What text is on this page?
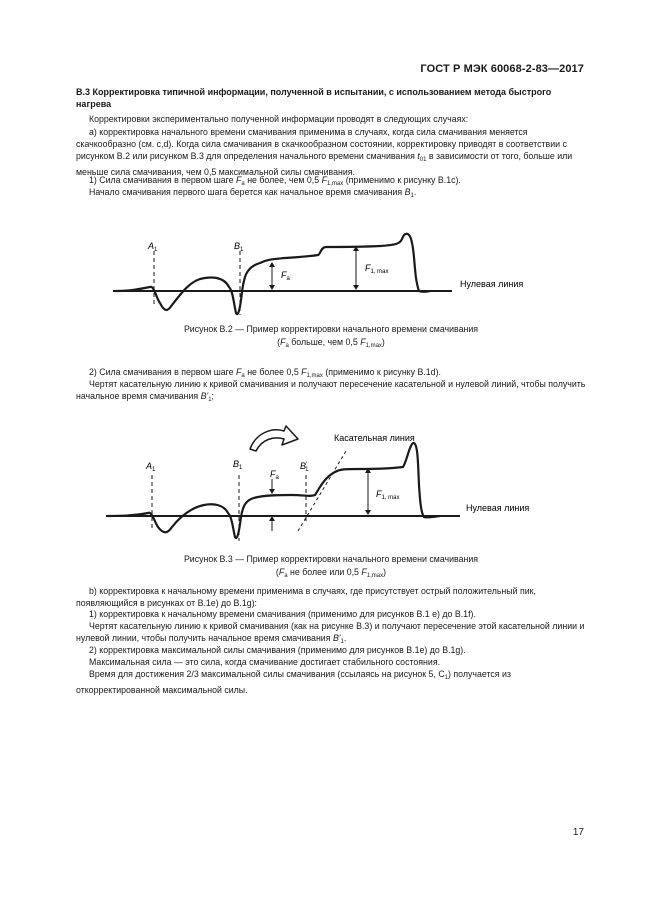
ГОСТ Р МЭК 60068-2-83—2017
В.3 Корректировка типичной информации, полученной в испытании, с использованием метода быстрого нагрева
Корректировки экспериментально полученной информации проводят в следующих случаях:
а) корректировка начального времени смачивания применима в случаях, когда сила смачивания меняется скачкообразно (см. с,d). Когда сила смачивания в скачкообразном состоянии, корректировку приводят в соответствии с рисунком В.2 или рисунком В.3 для определения начального времени смачивания $t_{01}$ в зависимости от того, больше или меньше сила смачивания, чем 0,5 максимальной силы смачивания.
1) Сила смачивания в первом шаге $F_a$ не более, чем 0,5 $F_{1,max}$ (применимо к рисунку В.1с).
Начало смачивания первого шага берется как начальное время смачивания $B_1$.
$A_1$	$B_1$
$F_a$
$F_{1, max}$
Нулевая линия
Рисунок В.2 — Пример корректировки начального времени смачивания
($F_a$ больше, чем 0,5 $F_{1,max}$)
2) Сила смачивания в первом шаге $F_a$ не более 0,5 $F_{1,max}$ (применимо к рисунку В.1d).
Чертят касательную линию к кривой смачивания и получают пересечение касательной и нулевой линий, чтобы получить начальное время смачивания $B'_1$;
Касательная линия
$A_1$
$B_1$	B' 1
$F_a$
$F_{1, max}$
Нулевая линия
Рисунок В.3 — Пример корректировки начального времени смачивания
($F_a$ не более или 0,5 $F_{1,max}$)
b) корректировка к начальному времени применима в случаях, где присутствует острый положительный пик, появляющийся в рисунках от В.1е) до В.1g):
1) корректировка к начальному времени смачивания (применимо для рисунков В.1 е) до В.1f).
Чертят касательную линию к кривой смачивания (как на рисунке В.3) и получают пересечение этой касательной линии и нулевой линии, чтобы получить начальное время смачивания $B'_1$.
2) корректировка максимальной силы смачивания (применимо для рисунков В.1е) до В.1g).
Максимальная сила — это сила, когда смачивание достигает стабильного состояния.
Время для достижения 2/3 максимальной силы смачивания (ссылаясь на рисунок 5, $С_1$) получается из откорректированной максимальной силы.
17
